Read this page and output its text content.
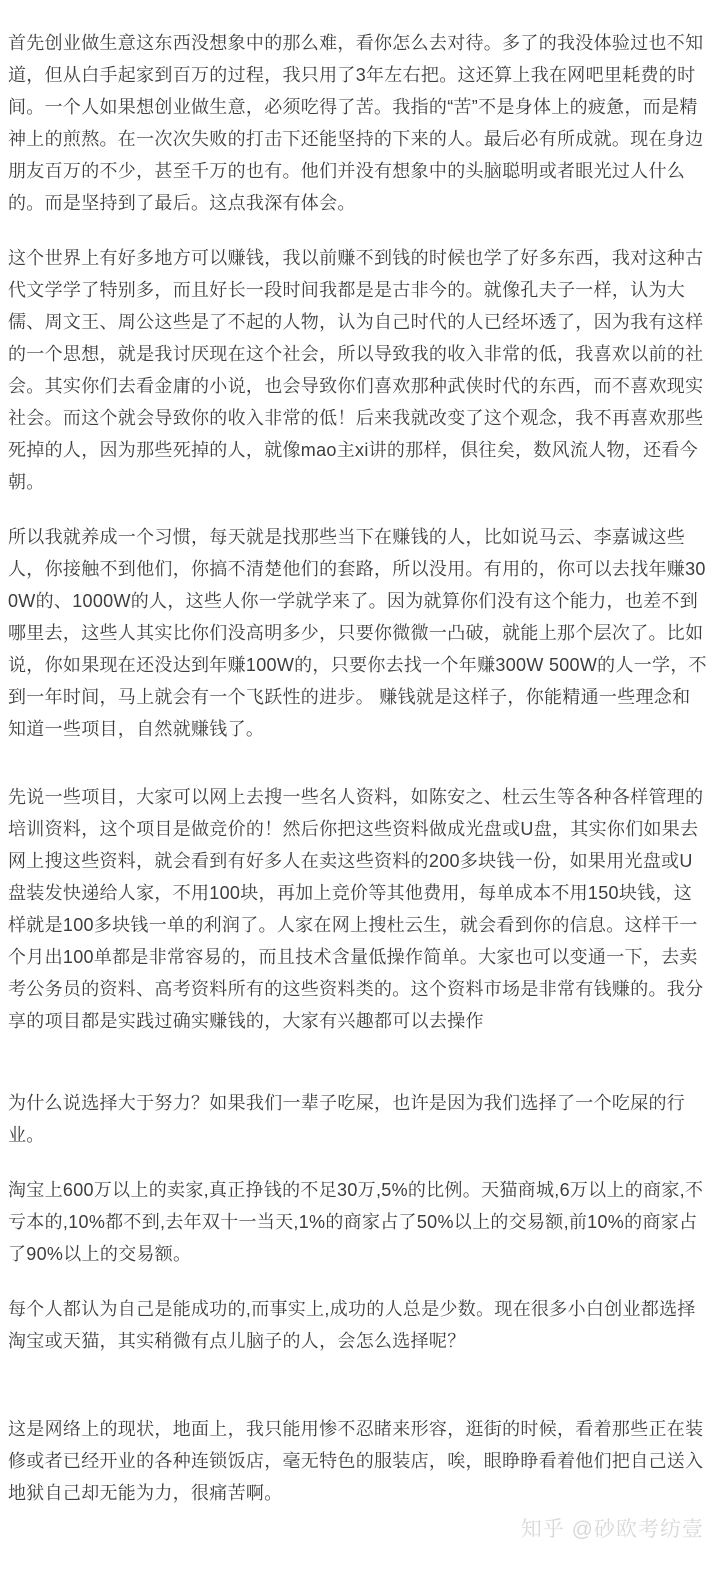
首先创业做生意这东西没想象中的那么难，看你怎么去对待。多了的我没体验过也不知道，但从白手起家到百万的过程，我只用了3年左右把。这还算上我在网吧里耗费的时间。一个人如果想创业做生意，必须吃得了苦。我指的“苦”不是身体上的疲惫，而是精神上的煎熬。在一次次失败的打击下还能坚持的下来的人。最后必有所成就。现在身边朋友百万的不少，甚至千万的也有。他们并没有想象中的头脑聪明或者眼光过人什么的。而是坚持到了最后。这点我深有体会。

这个世界上有好多地方可以赚钱，我以前赚不到钱的时候也学了好多东西，我对这种古代文学学了特别多，而且好长一段时间我都是是古非今的。就像孔夫子一样，认为大儒、周文王、周公这些是了不起的人物，认为自己时代的人已经坏透了，因为我有这样的一个思想，就是我讨厌现在这个社会，所以导致我的收入非常的低，我喜欢以前的社会。其实你们去看金庸的小说，也会导致你们喜欢那种武侠时代的东西，而不喜欢现实社会。而这个就会导致你的收入非常的低！后来我就改变了这个观念，我不再喜欢那些死掉的人，因为那些死掉的人，就像mao主xi讲的那样，俱往矣，数风流人物，还看今朝。

所以我就养成一个习惯，每天就是找那些当下在赚钱的人，比如说马云、李嘉诚这些人，你接触不到他们，你搞不清楚他们的套路，所以没用。有用的，你可以去找年赚300W的、1000W的人，这些人你一学就学来了。因为就算你们没有这个能力，也差不到哪里去，这些人其实比你们没高明多少，只要你微微一凸破，就能上那个层次了。比如说，你如果现在还没达到年赚100W的，只要你去找一个年赚300W 500W的人一学，不到一年时间，马上就会有一个飞跃性的进步。 赚钱就是这样子，你能精通一些理念和知道一些项目，自然就赚钱了。

先说一些项目，大家可以网上去搜一些名人资料，如陈安之、杜云生等各种各样管理的培训资料，这个项目是做竞价的！然后你把这些资料做成光盘或U盘，其实你们如果去网上搜这些资料，就会看到有好多人在卖这些资料的200多块钱一份，如果用光盘或U盘装发快递给人家，不用100块，再加上竞价等其他费用，每单成本不用150块钱，这样就是100多块钱一单的利润了。人家在网上搜杜云生，就会看到你的信息。这样干一个月出100单都是非常容易的，而且技术含量低操作简单。大家也可以变通一下，去卖考公务员的资料、高考资料所有的这些资料类的。这个资料市场是非常有钱赚的。我分享的项目都是实践过确实赚钱的，大家有兴趣都可以去操作

为什么说选择大于努力？如果我们一辈子吃屎，也许是因为我们选择了一个吃屎的行业。

淘宝上600万以上的卖家,真正挣钱的不足30万,5%的比例。天猫商城,6万以上的商家,不亏本的,10%都不到,去年双十一当天,1%的商家占了50%以上的交易额,前10%的商家占了90%以上的交易额。

每个人都认为自己是能成功的,而事实上,成功的人总是少数。现在很多小白创业都选择淘宝或天猫，其实稍微有点儿脑子的人，会怎么选择呢？

这是网络上的现状，地面上，我只能用惨不忍睹来形容，逛街的时候，看着那些正在装修或者已经开业的各种连锁饭店，毫无特色的服装店，唉，眼睁睁看着他们把自己送入地狱自己却无能为力，很痛苦啊。

知乎 @砂欧考纺壹
